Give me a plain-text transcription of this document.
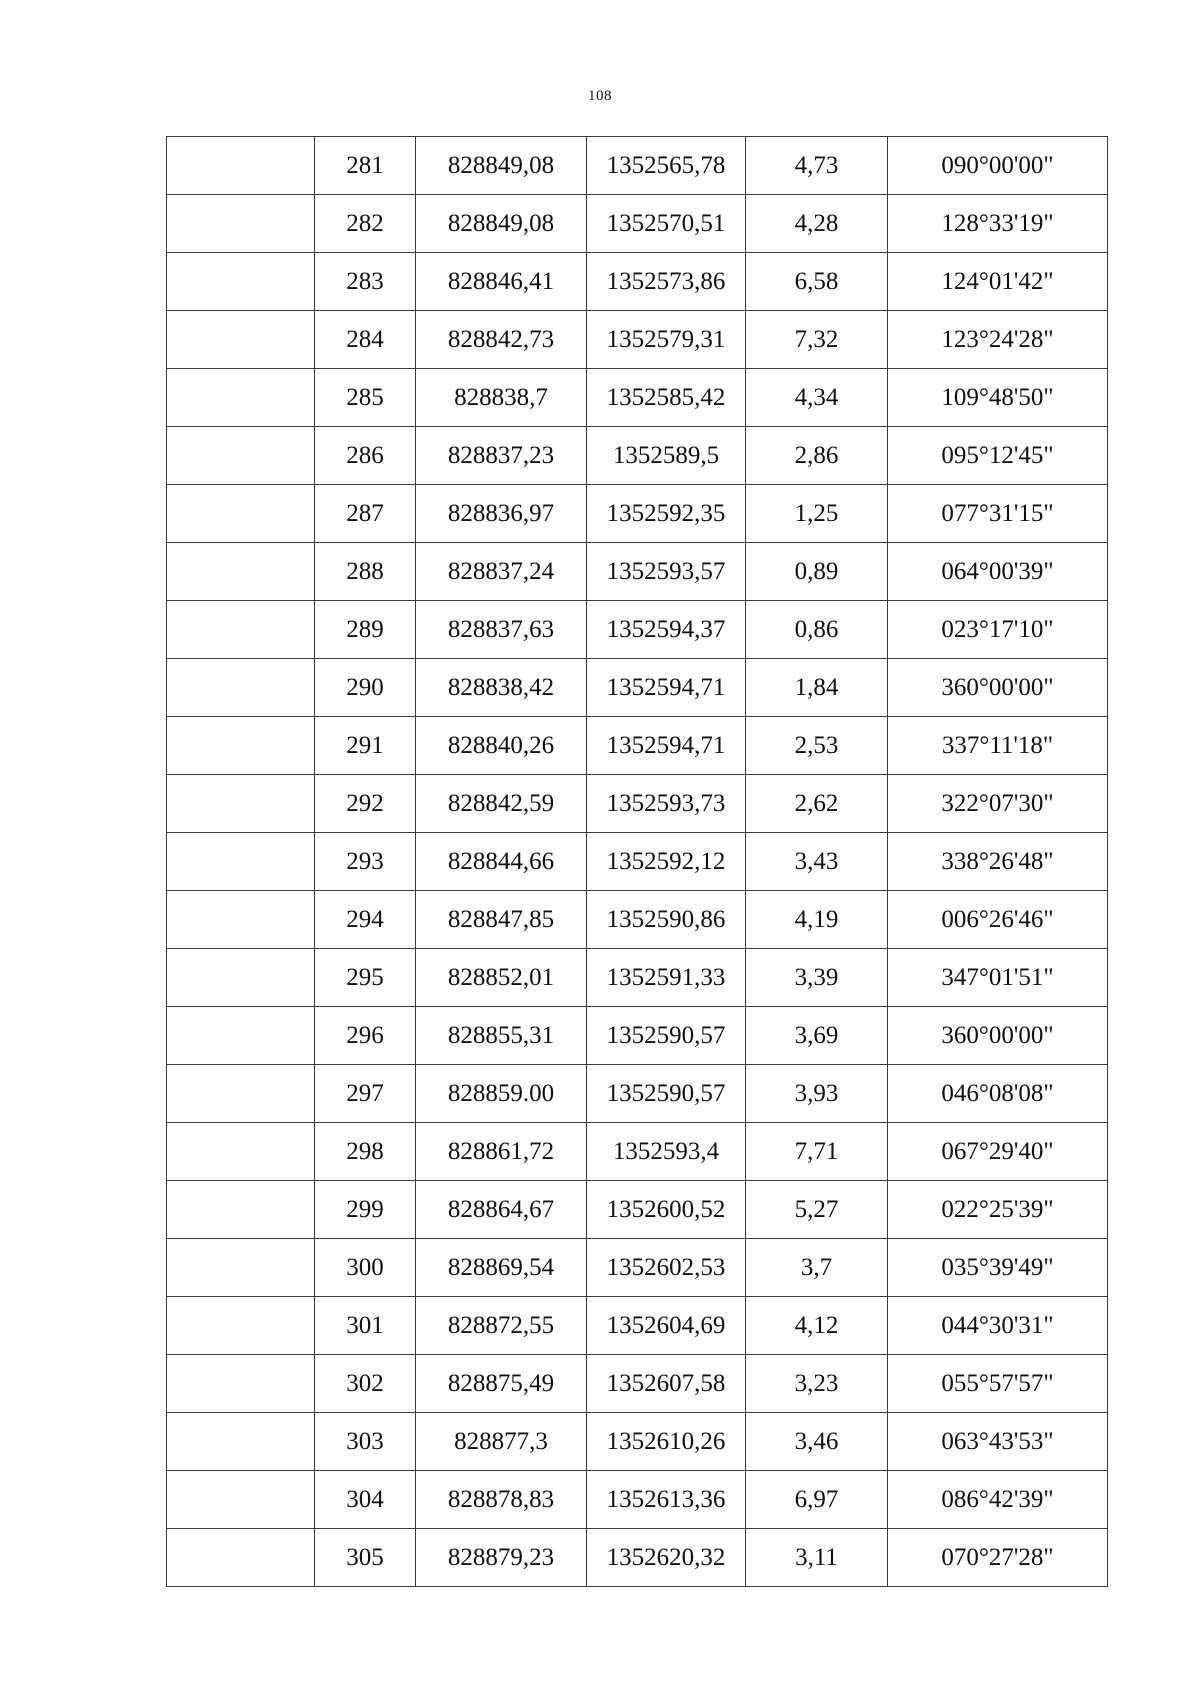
108
	281	828849,08	1352565,78	4,73	090°00'00"
	282	828849,08	1352570,51	4,28	128°33'19"
	283	828846,41	1352573,86	6,58	124°01'42"
	284	828842,73	1352579,31	7,32	123°24'28"
	285	828838,7	1352585,42	4,34	109°48'50"
	286	828837,23	1352589,5	2,86	095°12'45"
	287	828836,97	1352592,35	1,25	077°31'15"
	288	828837,24	1352593,57	0,89	064°00'39"
	289	828837,63	1352594,37	0,86	023°17'10"
	290	828838,42	1352594,71	1,84	360°00'00"
	291	828840,26	1352594,71	2,53	337°11'18"
	292	828842,59	1352593,73	2,62	322°07'30"
	293	828844,66	1352592,12	3,43	338°26'48"
	294	828847,85	1352590,86	4,19	006°26'46"
	295	828852,01	1352591,33	3,39	347°01'51"
	296	828855,31	1352590,57	3,69	360°00'00"
	297	828859.00	1352590,57	3,93	046°08'08"
	298	828861,72	1352593,4	7,71	067°29'40"
	299	828864,67	1352600,52	5,27	022°25'39"
	300	828869,54	1352602,53	3,7	035°39'49"
	301	828872,55	1352604,69	4,12	044°30'31"
	302	828875,49	1352607,58	3,23	055°57'57"
	303	828877,3	1352610,26	3,46	063°43'53"
	304	828878,83	1352613,36	6,97	086°42'39"
	305	828879,23	1352620,32	3,11	070°27'28"
